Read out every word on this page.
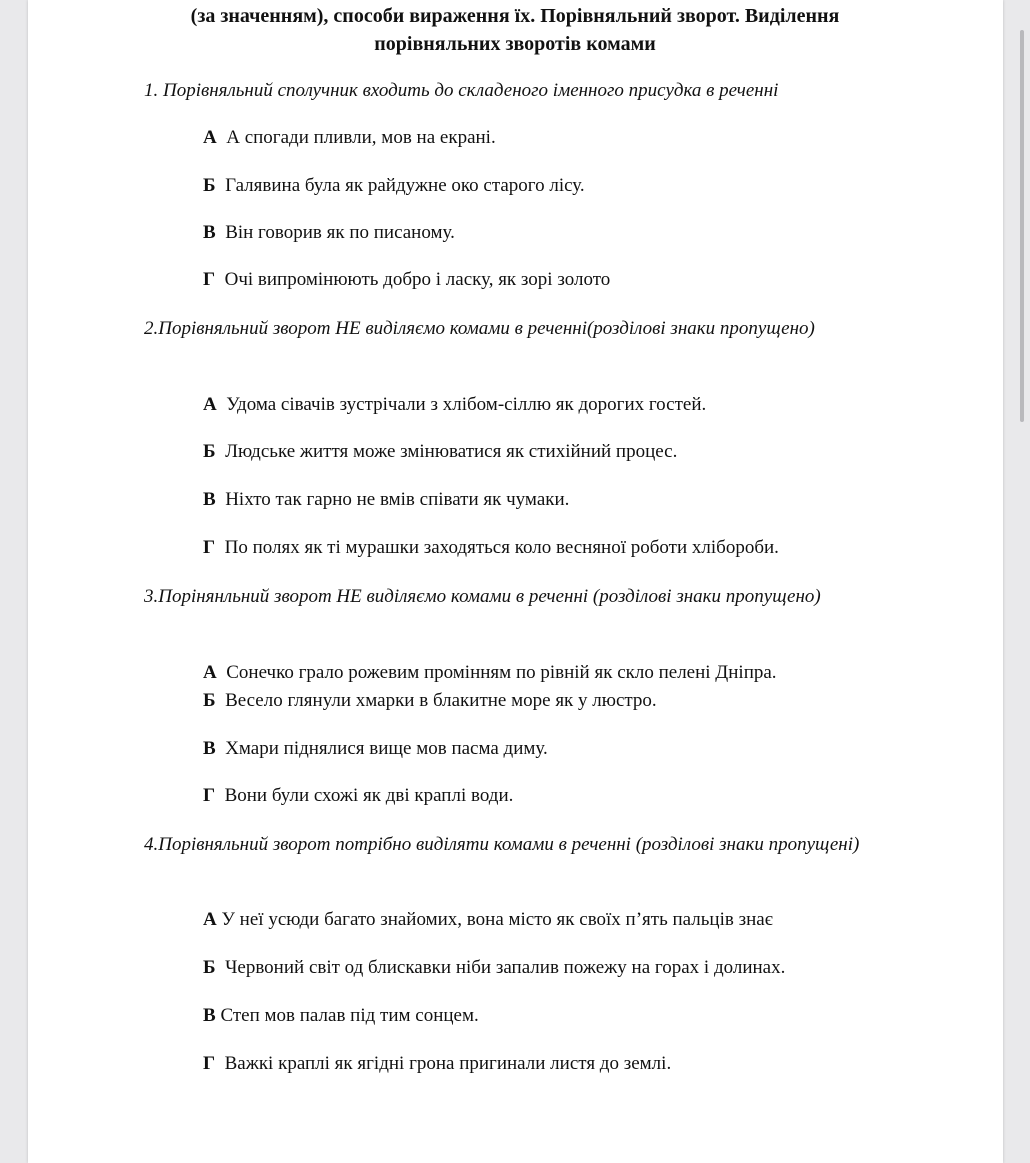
(за значенням), способи вираження їх. Порівняльний зворот. Виділення
порівняльних зворотів комами
1. Порівняльний сполучник входить до складеного іменного присудка в реченні
А А спогади пливли, мов на екрані.
Б Галявина була як райдужне око старого лісу.
В Він говорив як по писаному.
Г Очі випромінюють добро і ласку, як зорі золото
2.Порівняльний зворот НЕ виділяємо комами в реченні(розділові знаки пропущено)
А Удома сівачів зустрічали з хлібом-сіллю як дорогих гостей.
Б Людське життя може змінюватися як стихійний процес.
В Ніхто так гарно не вмів співати як чумаки.
Г По полях як ті мурашки заходяться коло весняної роботи хлібороби.
3.Порінянльний зворот НЕ виділяємо комами в реченні (розділові знаки пропущено)
А Сонечко грало рожевим промінням по рівній як скло пелені Дніпра.
Б Весело глянули хмарки в блакитне море як у люстро.
В Хмари піднялися вище мов пасма диму.
Г  Вони були схожі як дві краплі води.
4.Порівняльний зворот потрібно виділяти комами в реченні (розділові знаки пропущені)
А У неї усюди багато знайомих, вона місто як своїх п’ять пальців знає
Б Червоний світ од блискавки ніби запалив пожежу на горах і долинах.
В Степ мов палав під тим сонцем.
Г  Важкі краплі як ягідні грона пригинали листя до землі.
